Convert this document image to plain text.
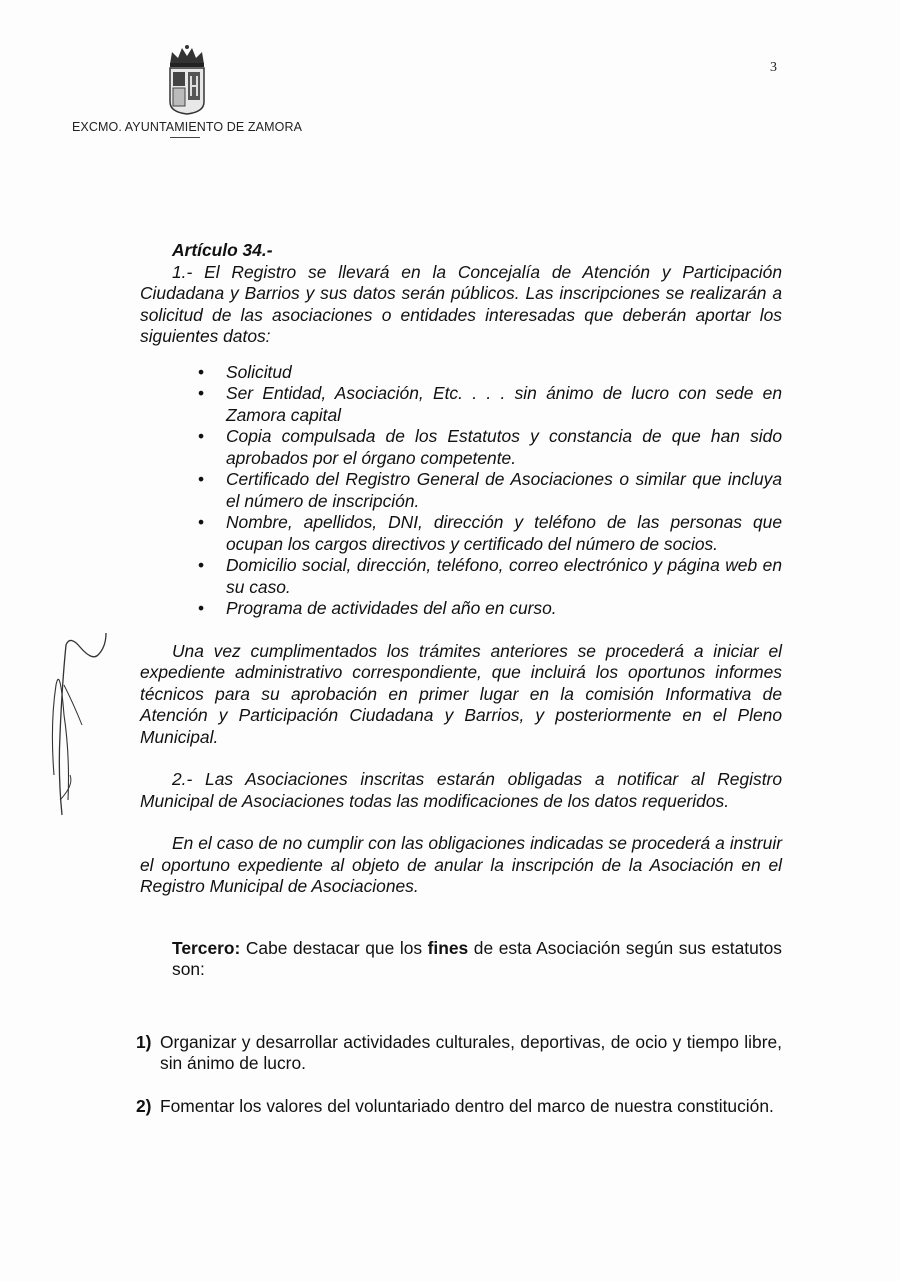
EXCMO. AYUNTAMIENTO DE ZAMORA
3
Artículo 34.-
1.- El Registro se llevará en la Concejalía de Atención y Participación Ciudadana y Barrios y sus datos serán públicos. Las inscripciones se realizarán a solicitud de las asociaciones o entidades interesadas que deberán aportar los siguientes datos:
• Solicitud
• Ser Entidad, Asociación, Etc. . . . sin ánimo de lucro con sede en Zamora capital
• Copia compulsada de los Estatutos y constancia de que han sido aprobados por el órgano competente.
• Certificado del Registro General de Asociaciones o similar que incluya el número de inscripción.
• Nombre, apellidos, DNI, dirección y teléfono de las personas que ocupan los cargos directivos y certificado del número de socios.
• Domicilio social, dirección, teléfono, correo electrónico y página web en su caso.
• Programa de actividades del año en curso.
Una vez cumplimentados los trámites anteriores se procederá a iniciar el expediente administrativo correspondiente, que incluirá los oportunos informes técnicos para su aprobación en primer lugar en la comisión Informativa de Atención y Participación Ciudadana y Barrios, y posteriormente en el Pleno Municipal.
2.- Las Asociaciones inscritas estarán obligadas a notificar al Registro Municipal de Asociaciones todas las modificaciones de los datos requeridos.
En el caso de no cumplir con las obligaciones indicadas se procederá a instruir el oportuno expediente al objeto de anular la inscripción de la Asociación en el Registro Municipal de Asociaciones.
Tercero: Cabe destacar que los fines de esta Asociación según sus estatutos son:
1) Organizar y desarrollar actividades culturales, deportivas, de ocio y tiempo libre, sin ánimo de lucro.
2) Fomentar los valores del voluntariado dentro del marco de nuestra constitución.
